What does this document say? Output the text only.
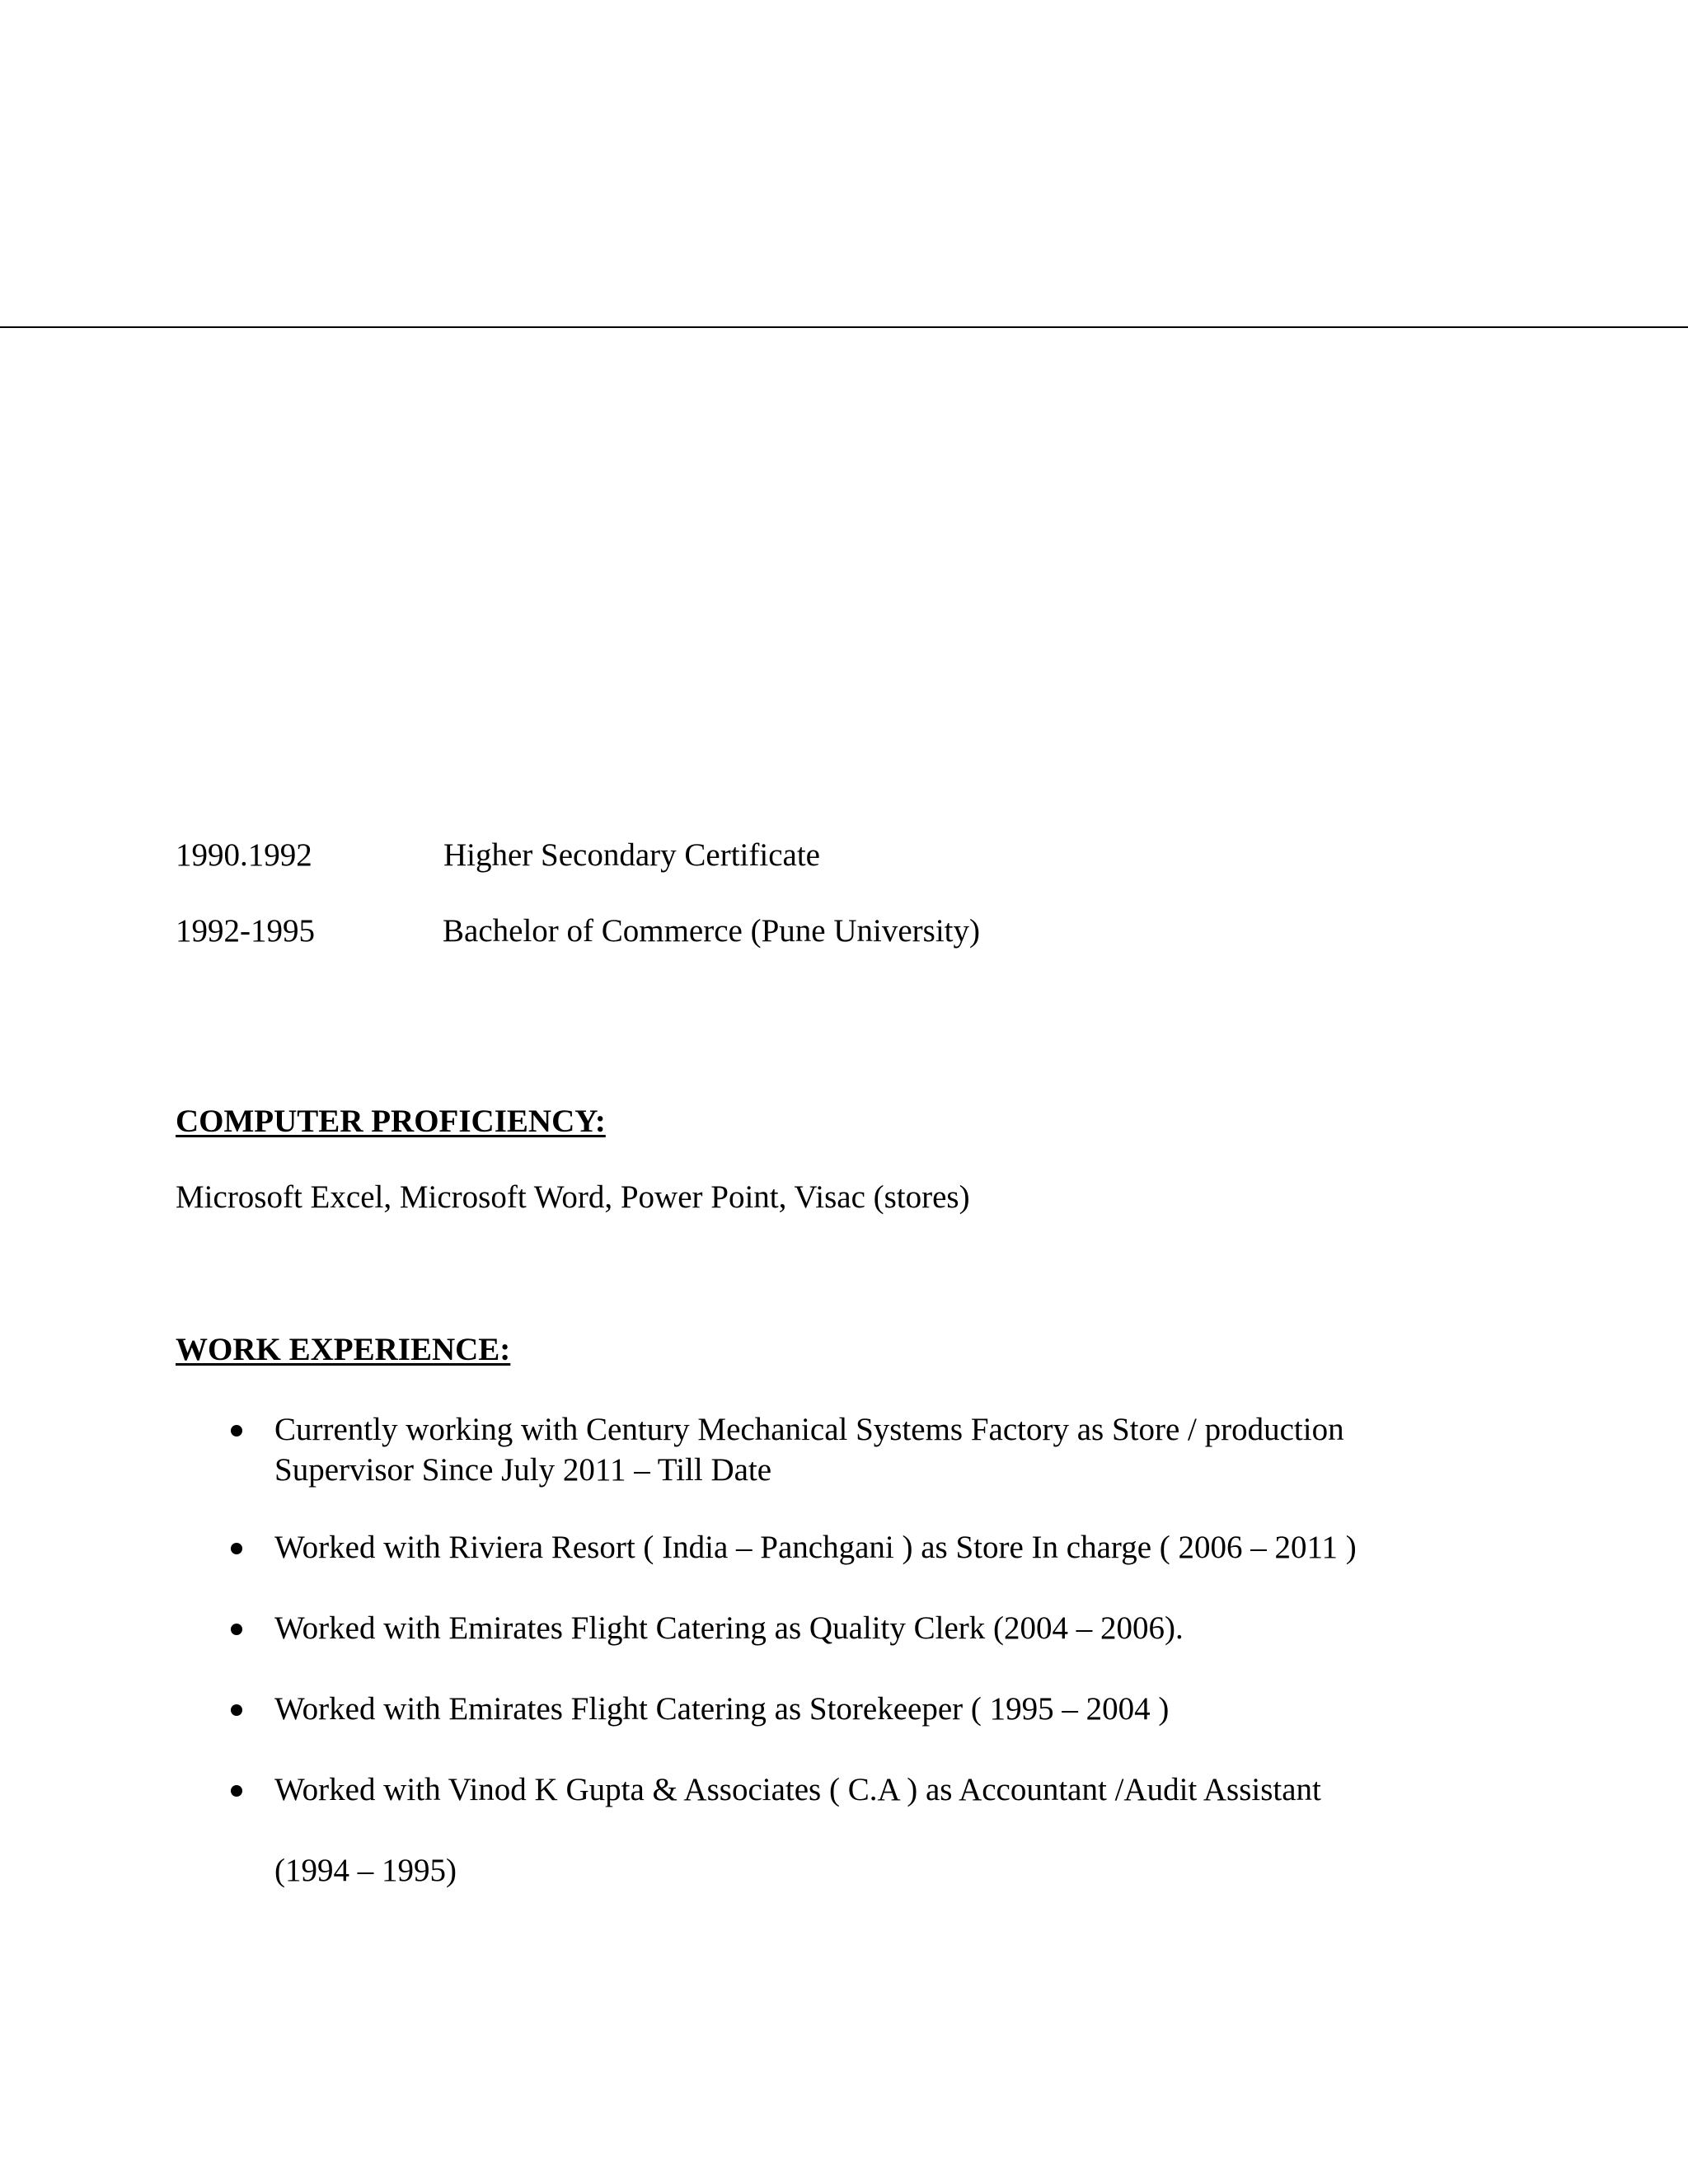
1990.1992	Higher Secondary Certificate
1992-1995	Bachelor of Commerce (Pune University)
COMPUTER PROFICIENCY:
Microsoft Excel, Microsoft Word, Power Point, Visac (stores)
WORK EXPERIENCE:
Currently working with Century Mechanical Systems Factory as Store / production
Supervisor Since July 2011 – Till Date
Worked with Riviera Resort ( India – Panchgani ) as Store In charge ( 2006 – 2011 )
Worked with Emirates Flight Catering as Quality Clerk (2004 – 2006).
Worked with Emirates Flight Catering as Storekeeper ( 1995 – 2004 )
Worked with Vinod K Gupta & Associates ( C.A ) as Accountant /Audit Assistant
(1994 – 1995)
